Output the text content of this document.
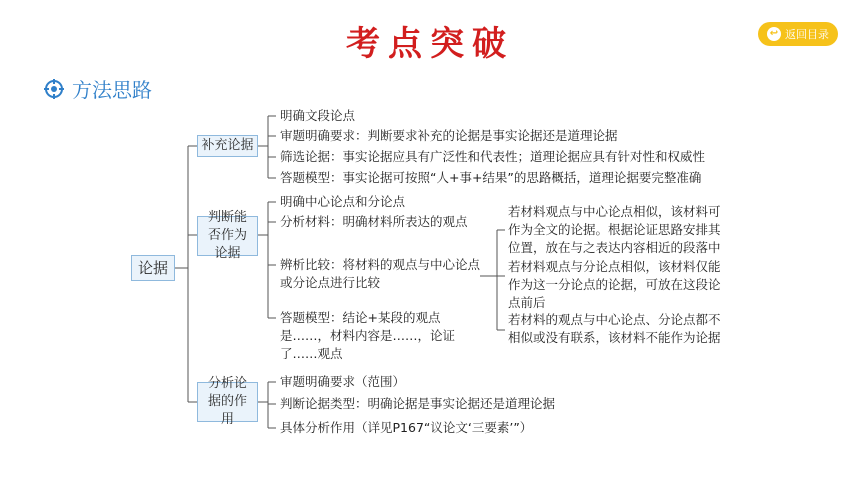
考点突破	↩ 返回目录
方法思路
论据
补充论据
明确文段论点
审题明确要求：判断要求补充的论据是事实论据还是道理论据
筛选论据：事实论据应具有广泛性和代表性；道理论据应具有针对性和权威性
答题模型：事实论据可按照“人+事+结果”的思路概括，道理论据要完整准确
判断能否作为论据
明确中心论点和分论点
分析材料：明确材料所表达的观点
辨析比较：将材料的观点与中心论点或分论点进行比较
答题模型：结论+某段的观点是……，材料内容是……，论证了……观点
若材料观点与中心论点相似，该材料可作为全文的论据。根据论证思路安排其位置，放在与之表达内容相近的段落中
若材料观点与分论点相似，该材料仅能作为这一分论点的论据，可放在这段论点前后
若材料的观点与中心论点、分论点都不相似或没有联系，该材料不能作为论据
分析论据的作用
审题明确要求（范围）
判断论据类型：明确论据是事实论据还是道理论据
具体分析作用（详见P167“议论文‘三要素’”）
